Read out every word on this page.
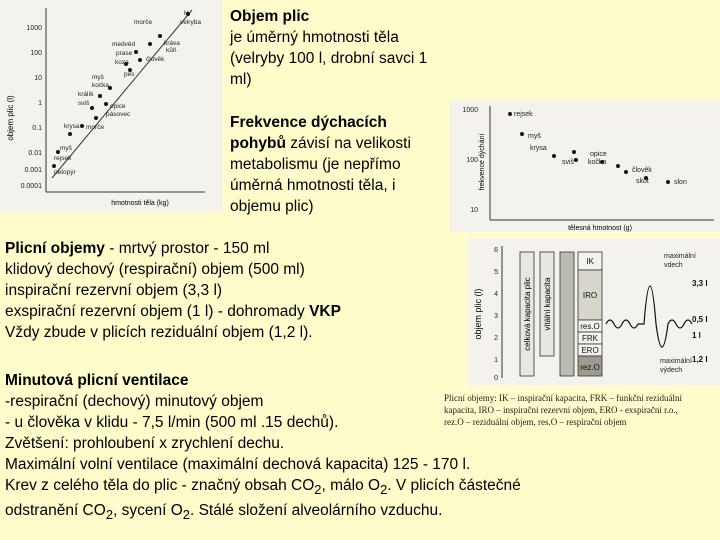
objem plic (l)
1000
100
10
1
0.1
0.01
0.001
0.0001
H
velryba
morče
kráva
medvěd
kůň
prase
člověk
koza
pes
myš
kočka
králík
opice
sviš
pásovec
krysa morče
myš
netopýr
rejsek
hmotnosti těla (kg)
Objem plic
je úměrný hmotnosti těla
(velryby 100 l, drobní savci 1
ml)
Frekvence dýchacích
pohybů závisí na velikosti
metabolismu (je nepřímo
úměrná hmotnosti těla, i
objemu plic)
frekvence dýchání
1000
100
10
rejsek
myš
krysa
opice
sviš kočka
člověk
skot	slon
tělesná hmotnost (g)
objem plic (l)
6
5
4
3
2
1
0
celková kapacita plic vitální kapacita
IK
IRO
res.O
FRK
ERO
rez.O
maximální
vdech
maximální
výdech
3,3 l
0,5 l
1 l
1,2 l
Plicní objemy - mrtvý prostor - 150 ml
klidový dechový (respirační) objem (500 ml)
inspirační rezervní objem (3,3 l)
exspirační rezervní objem (1 l) - dohromady VKP
Vždy zbude v plicích reziduální objem (1,2 l).
Plicní objemy: IK – inspirační kapacita, FRK – funkční reziduální
kapacita, IRO – inspirační rezervní objem, ERO - exspirační r.o.,
rez.O – reziduální objem, res.O – respirační objem
Minutová plicní ventilace
-respirační (dechový) minutový objem
- u člověka v klidu - 7,5 l/min (500 ml .15 dechů).
Zvětšení: prohloubení x zrychlení dechu.
Maximální volní ventilace (maximální dechová kapacita) 125 - 170 l.
Krev z celého těla do plic - značný obsah $CO_2$, málo $O_2$. V plicích částečné
odstranění $CO_2$, sycení $O_2$. Stálé složení alveolárního vzduchu.
